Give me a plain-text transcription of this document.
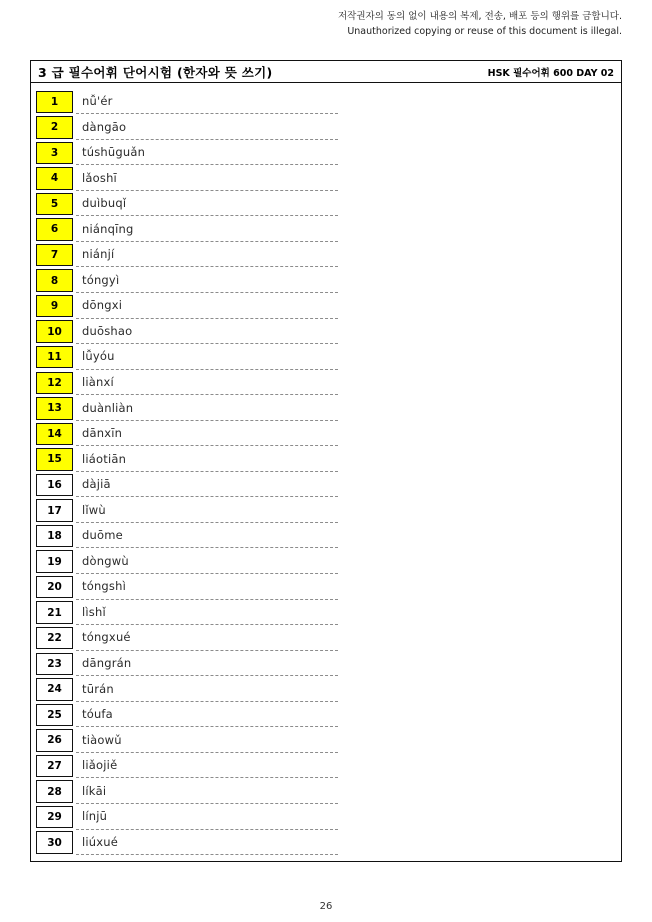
저작권자의 동의 없이 내용의 복제, 전송, 배포 등의 행위를 금합니다.
Unauthorized copying or reuse of this document is illegal.
3 급 필수어휘 단어시험 (한자와 뜻 쓰기)	HSK 필수어휘 600 DAY 02
1 nǚ'ér
2 dàngāo
3 túshūguǎn
4 lǎoshī
5 duìbuqǐ
6 niánqīng
7 niánjí
8 tóngyì
9 dōngxi
10 duōshao
11 lǚyóu
12 liànxí
13 duànliàn
14 dānxīn
15 liáotiān
16 dàjiā
17 lǐwù
18 duōme
19 dòngwù
20 tóngshì
21 lìshǐ
22 tóngxué
23 dāngrán
24 tūrán
25 tóufa
26 tiàowǔ
27 liǎojiě
28 líkāi
29 línjū
30 liúxué
26
